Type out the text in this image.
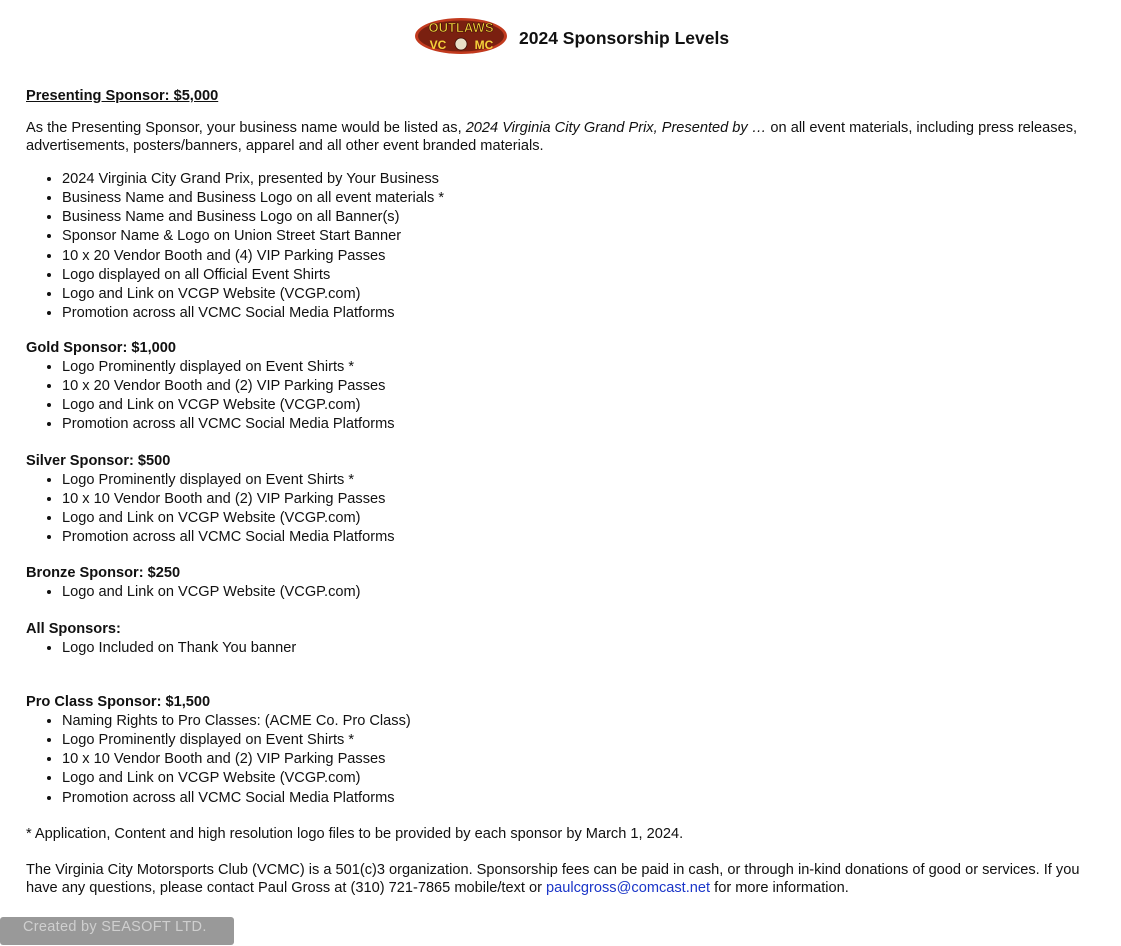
OUTLAWS
VC MC 2024 Sponsorship Levels
Presenting Sponsor: $5,000
As the Presenting Sponsor, your business name would be listed as, 2024 Virginia City Grand Prix, Presented by … on all event materials, including press releases, advertisements, posters/banners, apparel and all other event branded materials.
• 2024 Virginia City Grand Prix, presented by Your Business
• Business Name and Business Logo on all event materials *
• Business Name and Business Logo on all Banner(s)
• Sponsor Name & Logo on Union Street Start Banner
• 10 x 20 Vendor Booth and (4) VIP Parking Passes
• Logo displayed on all Official Event Shirts
• Logo and Link on VCGP Website (VCGP.com)
• Promotion across all VCMC Social Media Platforms
Gold Sponsor: $1,000
• Logo Prominently displayed on Event Shirts *
• 10 x 20 Vendor Booth and (2) VIP Parking Passes
• Logo and Link on VCGP Website (VCGP.com)
• Promotion across all VCMC Social Media Platforms
Silver Sponsor: $500
• Logo Prominently displayed on Event Shirts *
• 10 x 10 Vendor Booth and (2) VIP Parking Passes
• Logo and Link on VCGP Website (VCGP.com)
• Promotion across all VCMC Social Media Platforms
Bronze Sponsor: $250
• Logo and Link on VCGP Website (VCGP.com)
All Sponsors:
• Logo Included on Thank You banner
Pro Class Sponsor: $1,500
• Naming Rights to Pro Classes: (ACME Co. Pro Class)
• Logo Prominently displayed on Event Shirts *
• 10 x 10 Vendor Booth and (2) VIP Parking Passes
• Logo and Link on VCGP Website (VCGP.com)
• Promotion across all VCMC Social Media Platforms
* Application, Content and high resolution logo files to be provided by each sponsor by March 1, 2024.
The Virginia City Motorsports Club (VCMC) is a 501(c)3 organization. Sponsorship fees can be paid in cash, or through in-kind donations of good or services. If you have any questions, please contact Paul Gross at (310) 721-7865 mobile/text or paulcgross@comcast.net for more information.
Created by SEASOFT LTD.
